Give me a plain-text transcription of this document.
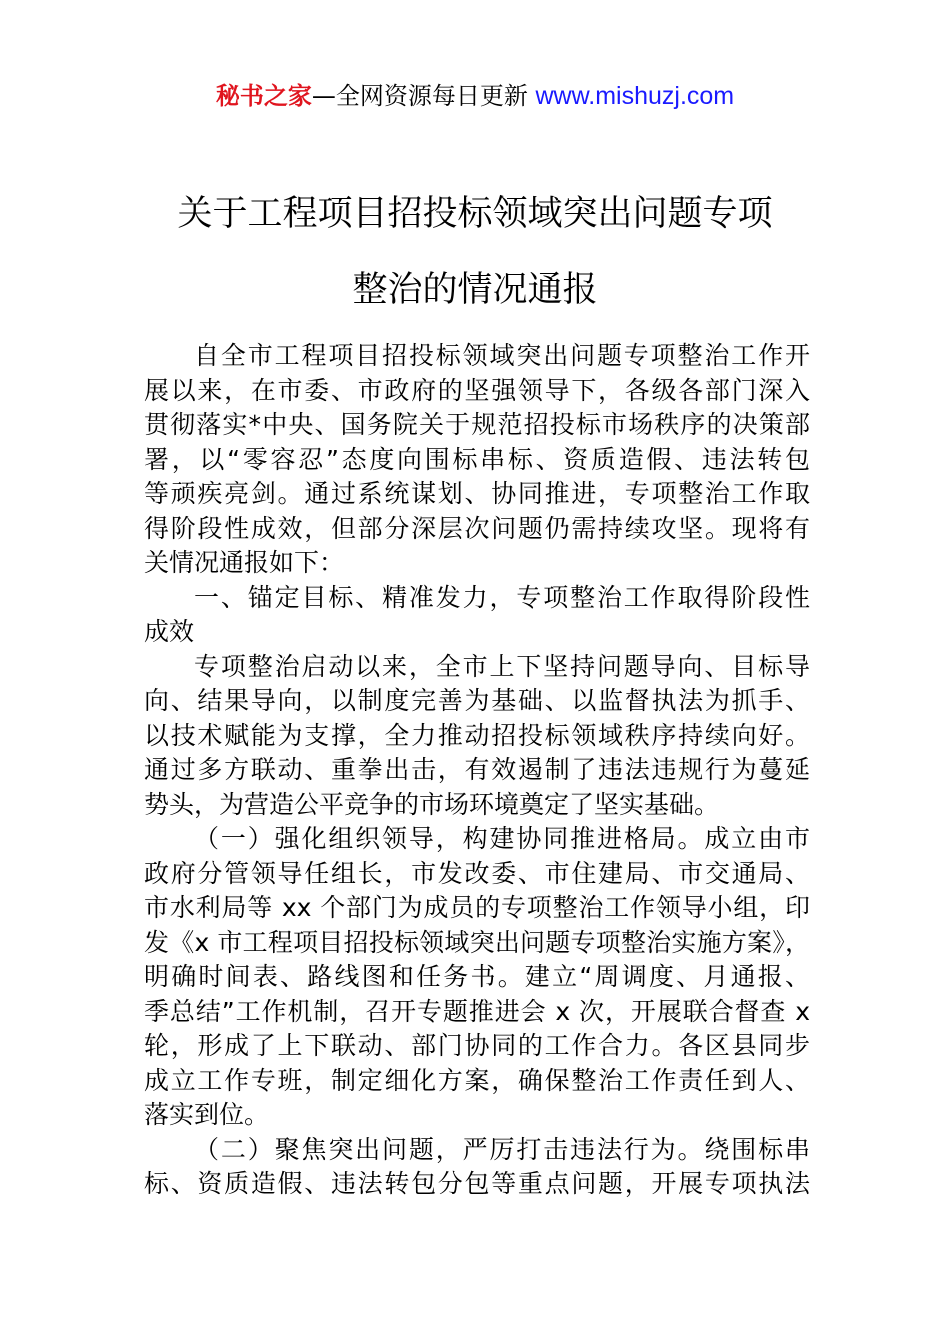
秘书之家—全网资源每日更新 www.mishuzj.com
关于工程项目招投标领域突出问题专项
整治的情况通报
自全市工程项目招投标领域突出问题专项整治工作开
展以来，在市委、市政府的坚强领导下，各级各部门深入
贯彻落实*中央、国务院关于规范招投标市场秩序的决策部
署，以“零容忍”态度向围标串标、资质造假、违法转包
等顽疾亮剑。通过系统谋划、协同推进，专项整治工作取
得阶段性成效，但部分深层次问题仍需持续攻坚。现将有
关情况通报如下：
一、锚定目标、精准发力，专项整治工作取得阶段性
成效
专项整治启动以来，全市上下坚持问题导向、目标导
向、结果导向，以制度完善为基础、以监督执法为抓手、
以技术赋能为支撑，全力推动招投标领域秩序持续向好。
通过多方联动、重拳出击，有效遏制了违法违规行为蔓延
势头，为营造公平竞争的市场环境奠定了坚实基础。
（一）强化组织领导，构建协同推进格局。成立由市
政府分管领导任组长，市发改委、市住建局、市交通局、
市水利局等 xx 个部门为成员的专项整治工作领导小组，印
发《x 市工程项目招投标领域突出问题专项整治实施方案》，
明确时间表、路线图和任务书。建立“周调度、月通报、
季总结”工作机制，召开专题推进会 x 次，开展联合督查 x
轮，形成了上下联动、部门协同的工作合力。各区县同步
成立工作专班，制定细化方案，确保整治工作责任到人、
落实到位。
（二）聚焦突出问题，严厉打击违法行为。绕围标串
标、资质造假、违法转包分包等重点问题，开展专项执法
